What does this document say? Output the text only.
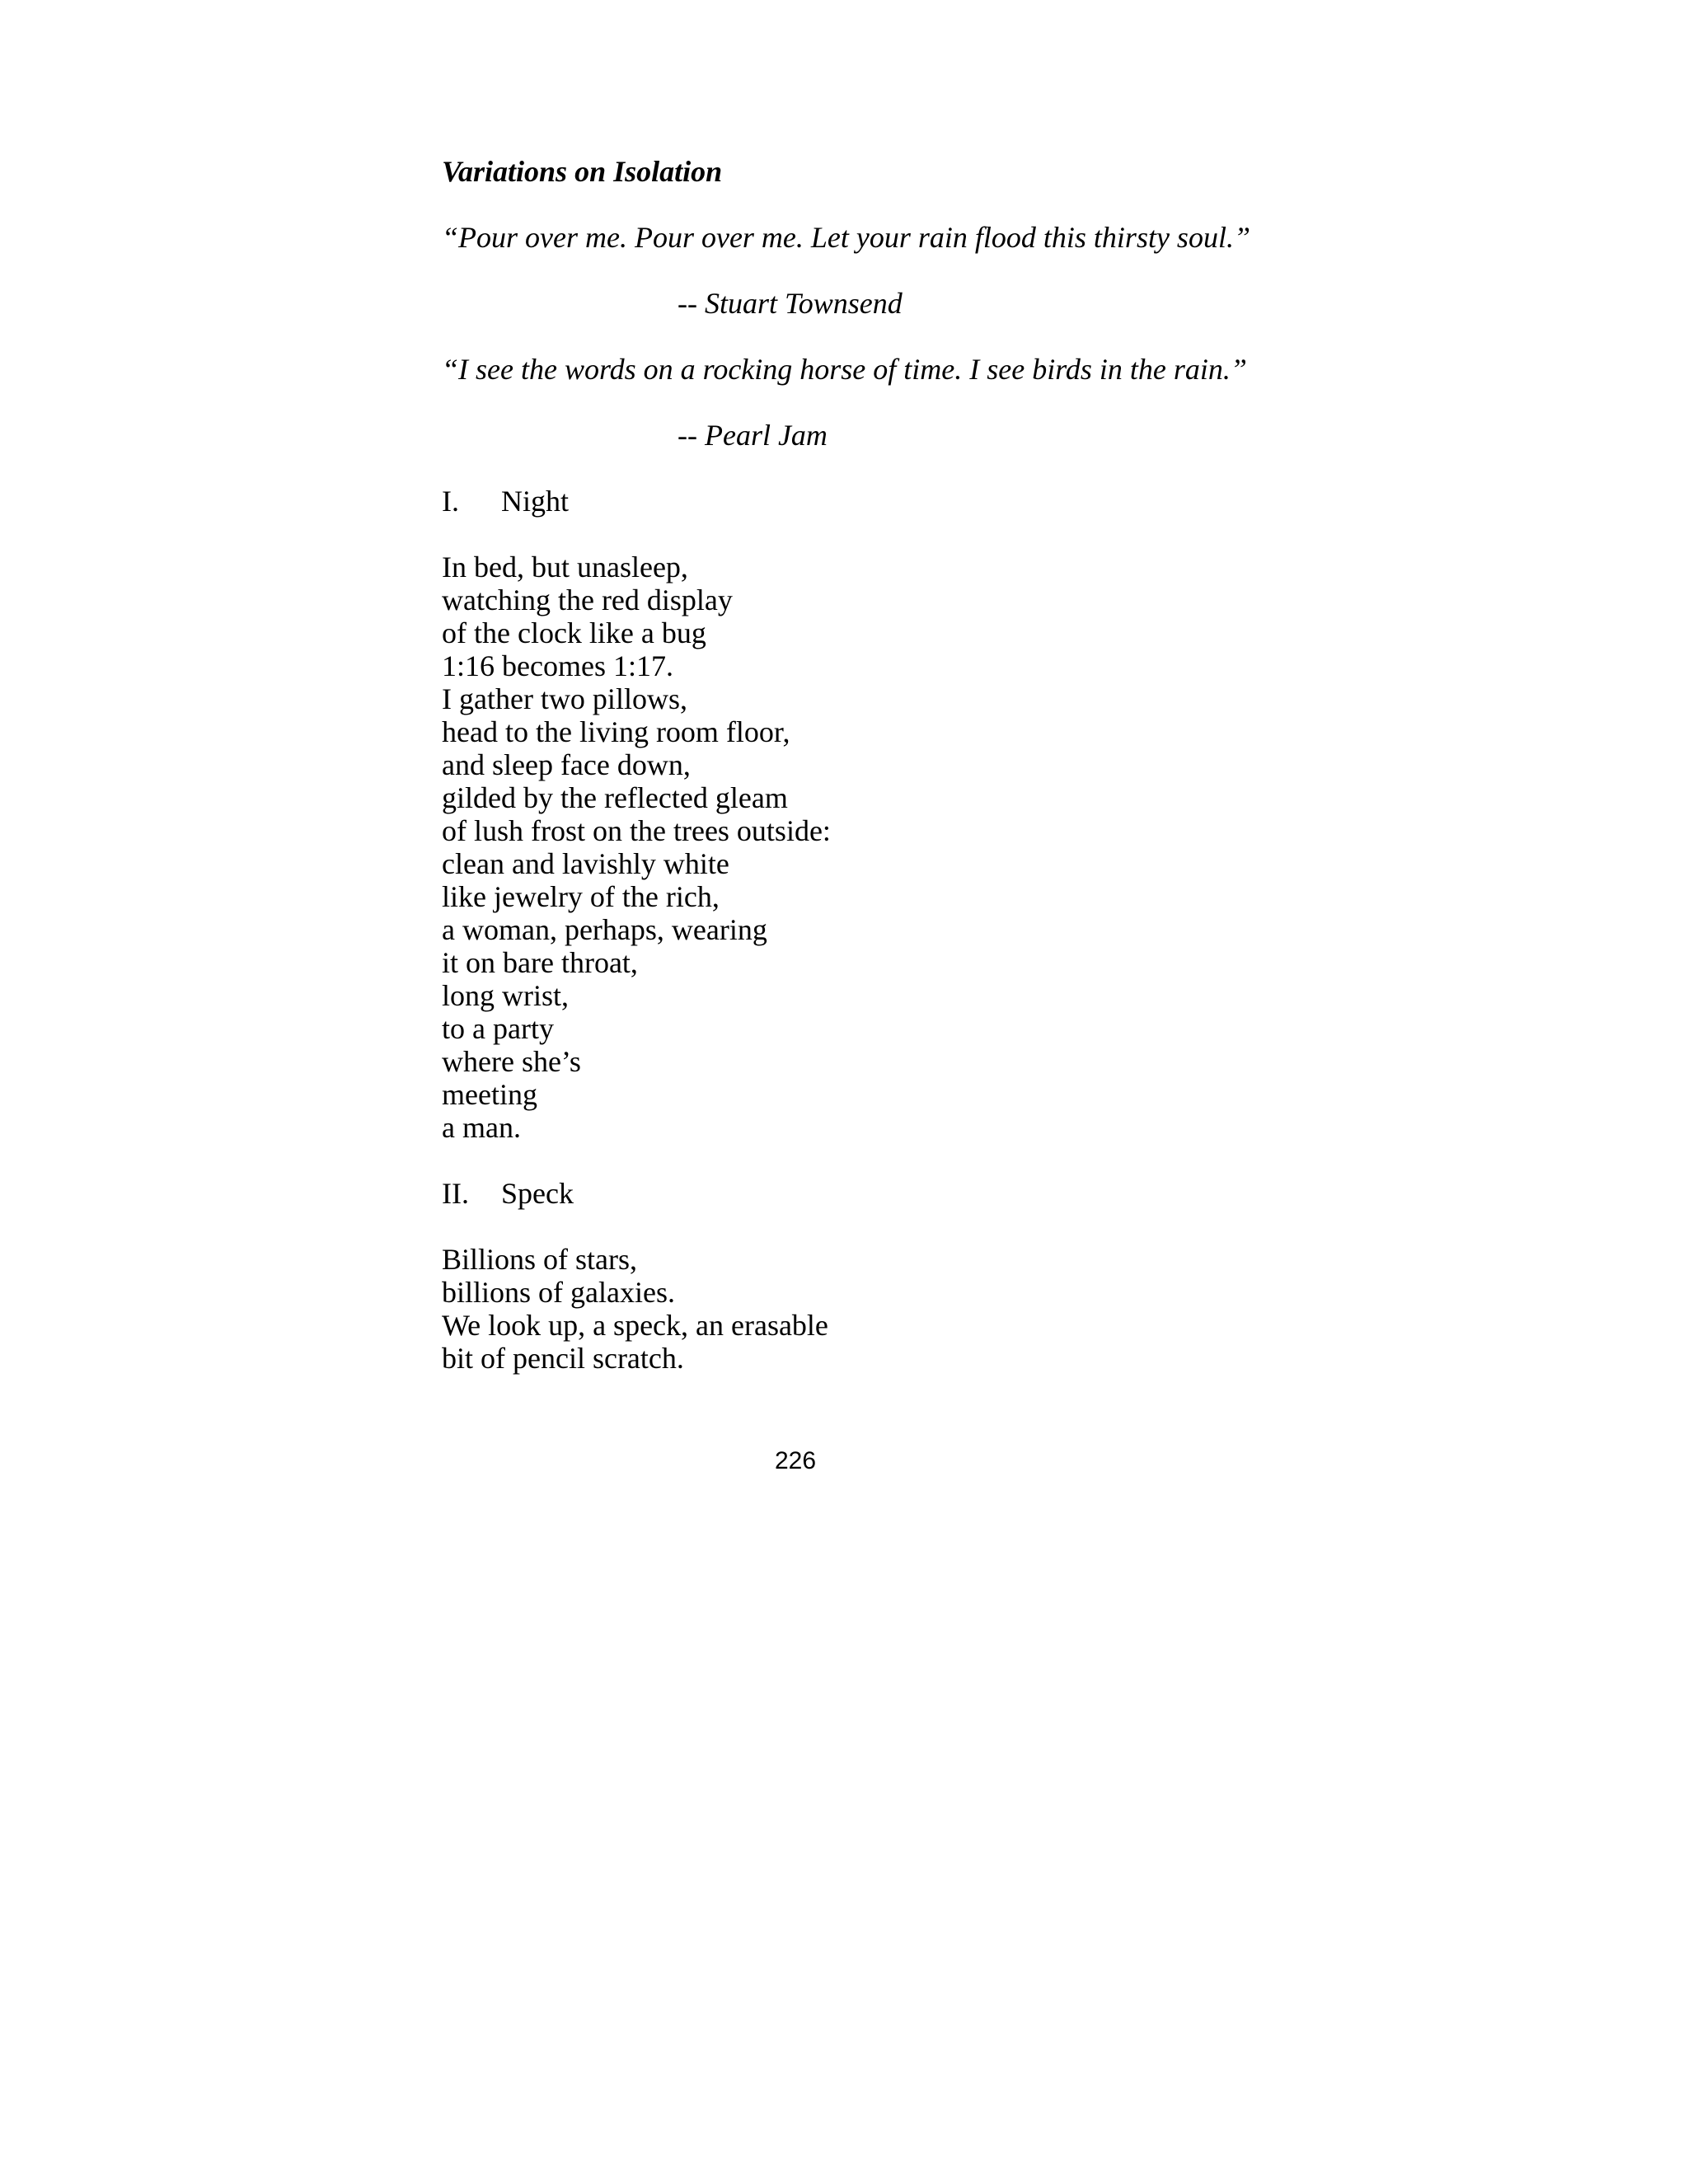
Variations on Isolation
“Pour over me. Pour over me. Let your rain flood this thirsty soul.”
-- Stuart Townsend
“I see the words on a rocking horse of time. I see birds in the rain.”
-- Pearl Jam
I.	Night
In bed, but unasleep,
watching the red display
of the clock like a bug
1:16 becomes 1:17.
I gather two pillows,
head to the living room floor,
and sleep face down,
gilded by the reflected gleam
of lush frost on the trees outside:
clean and lavishly white
like jewelry of the rich,
a woman, perhaps, wearing
it on bare throat,
long wrist,
to a party
where she’s
meeting
a man.
II.	Speck
Billions of stars,
billions of galaxies.
We look up, a speck, an erasable
bit of pencil scratch.
226
